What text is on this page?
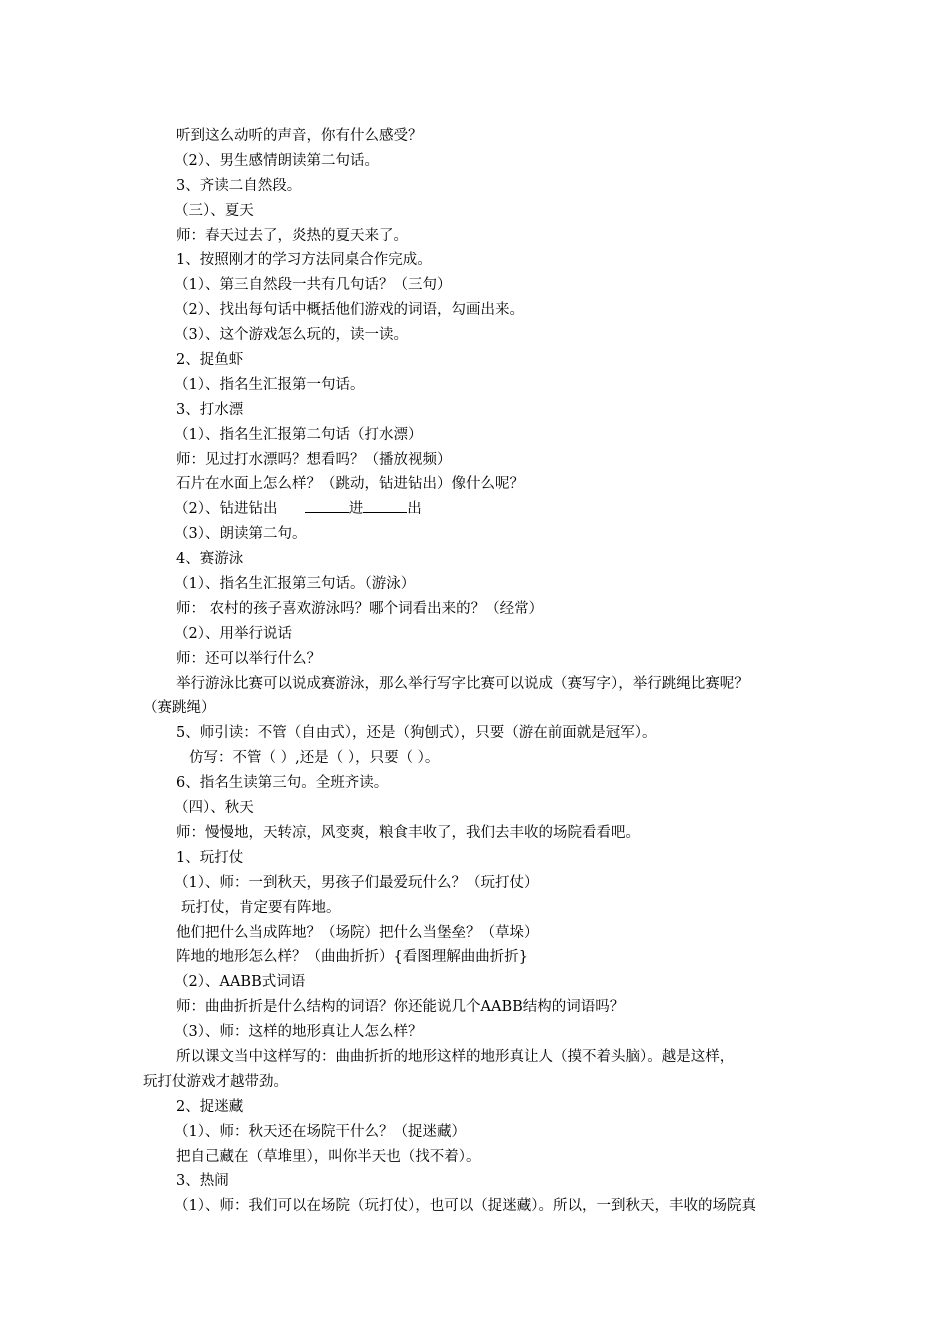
听到这么动听的声音，你有什么感受？

（2）、男生感情朗读第二句话。

3、齐读二自然段。

（三）、夏天

师：春天过去了，炎热的夏天来了。

1、按照刚才的学习方法同桌合作完成。

（1）、第三自然段一共有几句话？（三句）

（2）、找出每句话中概括他们游戏的词语，勾画出来。

（3）、这个游戏怎么玩的，读一读。

2、捉鱼虾

（1）、指名生汇报第一句话。

3、打水漂

（1）、指名生汇报第二句话（打水漂）

师：见过打水漂吗？想看吗？（播放视频）

石片在水面上怎么样？（跳动，钻进钻出）像什么呢？

（2）、钻进钻出	进	出

（3）、朗读第二句。

4、赛游泳

（1）、指名生汇报第三句话。（游泳）

师： 农村的孩子喜欢游泳吗？哪个词看出来的？（经常）

（2）、用举行说话

师：还可以举行什么？

举行游泳比赛可以说成赛游泳，那么举行写字比赛可以说成（赛写字），举行跳绳比赛呢？

（赛跳绳）

5、师引读：不管（自由式），还是（狗刨式），只要（游在前面就是冠军）。

仿写：不管（ ）,还是（ ），只要（ ）。

6、指名生读第三句。全班齐读。

（四）、秋天

师：慢慢地，天转凉，风变爽，粮食丰收了，我们去丰收的场院看看吧。

1、玩打仗

（1）、师：一到秋天，男孩子们最爱玩什么？（玩打仗）

玩打仗，肯定要有阵地。

他们把什么当成阵地？（场院）把什么当堡垒？（草垛）

阵地的地形怎么样？（曲曲折折）{看图理解曲曲折折}

（2）、AABB式词语

师：曲曲折折是什么结构的词语？你还能说几个AABB结构的词语吗？

（3）、师：这样的地形真让人怎么样？

所以课文当中这样写的：曲曲折折的地形这样的地形真让人（摸不着头脑）。越是这样，

玩打仗游戏才越带劲。

2、捉迷藏

（1）、师：秋天还在场院干什么？（捉迷藏）

把自己藏在（草堆里），叫你半天也（找不着）。

3、热闹

（1）、师：我们可以在场院（玩打仗），也可以（捉迷藏）。所以，一到秋天，丰收的场院真
